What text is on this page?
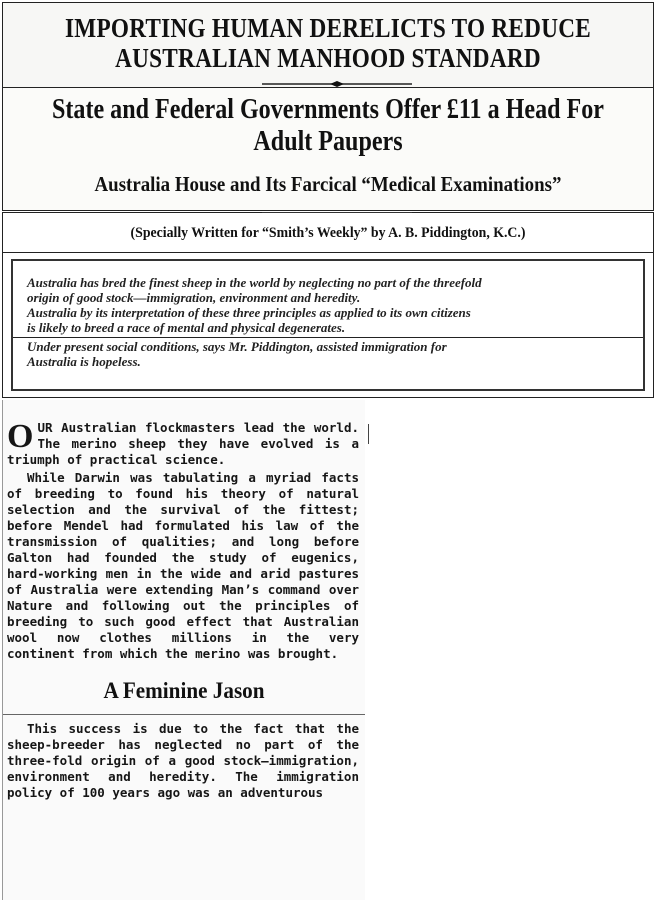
IMPORTING HUMAN DERELICTS TO REDUCE
AUSTRALIAN MANHOOD STANDARD
State and Federal Governments Offer £11 a Head For
Adult Paupers
Australia House and Its Farcical “Medical Examinations”
(Specially Written for “Smith’s Weekly” by A. B. Piddington, K.C.)

Australia has bred the finest sheep in the world by neglecting no part of the threefold

origin of good stock—immigration, environment and heredity.

Australia by its interpretation of these three principles as applied to its own citizens

is likely to breed a race of mental and physical degenerates.

Under present social conditions, says Mr. Piddington, assisted immigration for

Australia is hopeless.

OUR Australian flockmasters lead the world. The merino sheep they have evolved is a triumph of practical science.

While Darwin was tabulating a myriad facts of breeding to found his theory of natural selection and the survival of the fittest; before Mendel had formulated his law of the transmission of qualities; and long before Galton had founded the study of eugenics, hard-working men in the wide and arid pastures of Australia were extending Man’s command over Nature and following out the principles of breeding to such good effect that Australian wool now clothes millions in the very continent from which the merino was brought.

A Feminine Jason

This success is due to the fact that the sheep-breeder has neglected no part of the three-fold origin of a good stock—immigration, environment and heredity. The immigration policy of 100 years ago was an adventurous
